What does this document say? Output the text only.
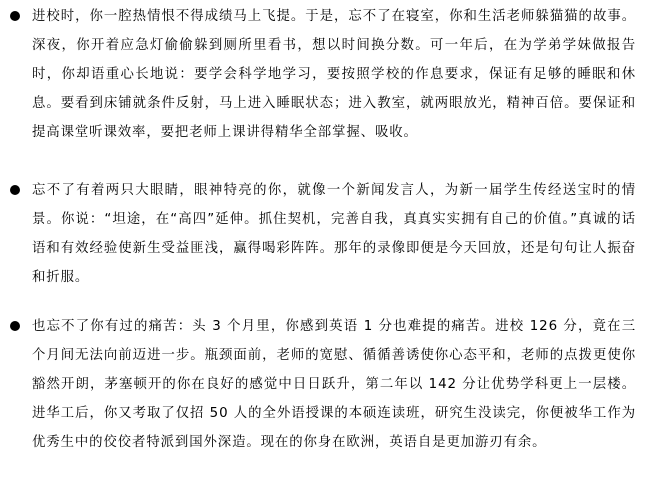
进校时，你一腔热情恨不得成绩马上飞提。于是，忘不了在寝室，你和生活老师躲猫猫的故事。深夜，你开着应急灯偷偷躲到厕所里看书，想以时间换分数。可一年后，在为学弟学妹做报告时，你却语重心长地说：要学会科学地学习，要按照学校的作息要求，保证有足够的睡眠和休息。要看到床铺就条件反射，马上进入睡眠状态；进入教室，就两眼放光，精神百倍。要保证和提高课堂听课效率，要把老师上课讲得精华全部掌握、吸收。
忘不了有着两只大眼睛，眼神特亮的你，就像一个新闻发言人，为新一届学生传经送宝时的情景。你说：“坦途，在“高四”延伸。抓住契机，完善自我，真真实实拥有自己的价值。”真诚的话语和有效经验使新生受益匪浅，赢得喝彩阵阵。那年的录像即便是今天回放，还是句句让人振奋和折服。
也忘不了你有过的痛苦：头 3 个月里，你感到英语 1 分也难提的痛苦。进校 126 分，竟在三个月间无法向前迈进一步。瓶颈面前，老师的宽慰、循循善诱使你心态平和，老师的点拨更使你豁然开朗，茅塞顿开的你在良好的感觉中日日跃升，第二年以 142 分让优势学科更上一层楼。进华工后，你又考取了仅招 50 人的全外语授课的本硕连读班，研究生没读完，你便被华工作为优秀生中的佼佼者特派到国外深造。现在的你身在欧洲，英语自是更加游刃有余。
